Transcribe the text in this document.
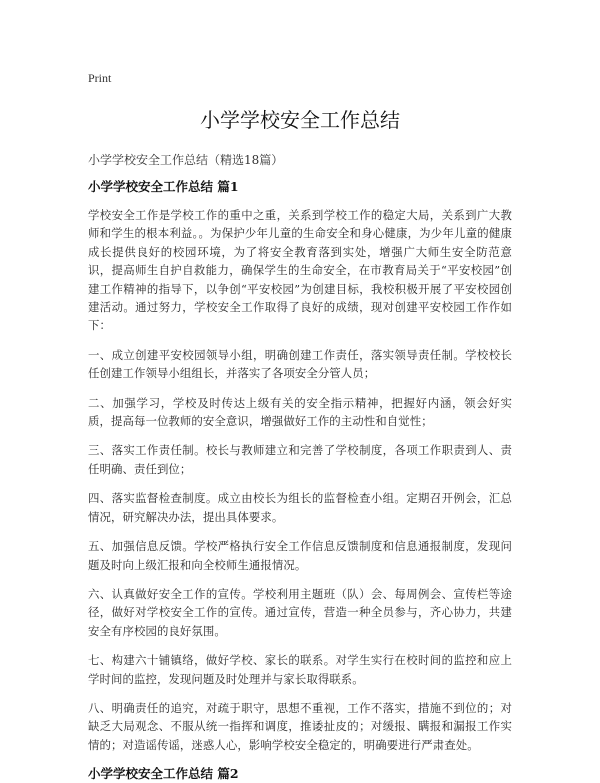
Print
小学学校安全工作总结
小学学校安全工作总结（精选18篇）
小学学校安全工作总结 篇1

学校安全工作是学校工作的重中之重，关系到学校工作的稳定大局，关系到广大教师和学生的根本利益。。为保护少年儿童的生命安全和身心健康，为少年儿童的健康成长提供良好的校园环境，为了将安全教育落到实处，增强广大师生安全防范意识，提高师生自护自救能力，确保学生的生命安全，在市教育局关于“平安校园”创建工作精神的指导下，以争创“平安校园”为创建目标，我校积极开展了平安校园创建活动。通过努力，学校安全工作取得了良好的成绩，现对创建平安校园工作作如下：

一、成立创建平安校园领导小组，明确创建工作责任，落实领导责任制。学校校长任创建工作领导小组组长，并落实了各项安全分管人员；

二、加强学习，学校及时传达上级有关的安全指示精神，把握好内涵，领会好实质，提高每一位教师的安全意识，增强做好工作的主动性和自觉性；

三、落实工作责任制。校长与教师建立和完善了学校制度，各项工作职责到人、责任明确、责任到位；

四、落实监督检查制度。成立由校长为组长的监督检查小组。定期召开例会，汇总情况，研究解决办法，提出具体要求。

五、加强信息反馈。学校严格执行安全工作信息反馈制度和信息通报制度，发现问题及时向上级汇报和向全校师生通报情况。

六、认真做好安全工作的宣传。学校利用主题班（队）会、每周例会、宣传栏等途径，做好对学校安全工作的宣传。通过宣传，营造一种全员参与，齐心协力，共建安全有序校园的良好氛围。

七、构建六十铺镇络，做好学校、家长的联系。对学生实行在校时间的监控和应上学时间的监控，发现问题及时处理并与家长取得联系。

八、明确责任的追究，对疏于职守，思想不重视，工作不落实，措施不到位的；对缺乏大局观念、不服从统一指挥和调度，推诿扯皮的；对缓报、瞒报和漏报工作实情的；对造谣传谣，迷惑人心，影响学校安全稳定的，明确要进行严肃查处。

小学学校安全工作总结 篇2
